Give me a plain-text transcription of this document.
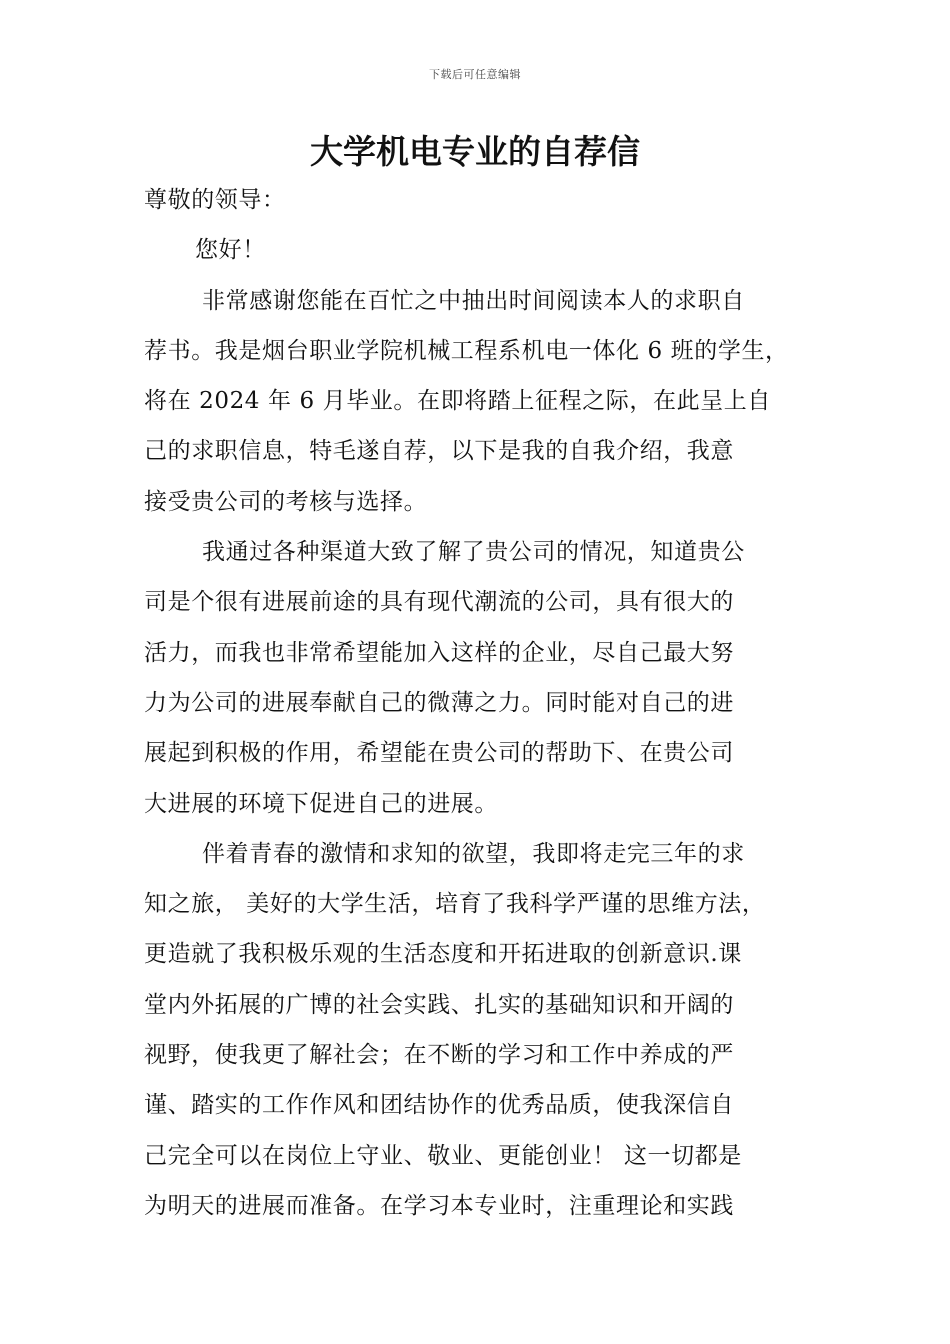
下载后可任意编辑
大学机电专业的自荐信
尊敬的领导：
您好！
非常感谢您能在百忙之中抽出时间阅读本人的求职自
荐书。我是烟台职业学院机械工程系机电一体化 6 班的学生，
将在 2024 年 6 月毕业。在即将踏上征程之际，在此呈上自
己的求职信息，特毛遂自荐，以下是我的自我介绍，我意
接受贵公司的考核与选择。
我通过各种渠道大致了解了贵公司的情况，知道贵公
司是个很有进展前途的具有现代潮流的公司，具有很大的
活力，而我也非常希望能加入这样的企业，尽自己最大努
力为公司的进展奉献自己的微薄之力。同时能对自己的进
展起到积极的作用，希望能在贵公司的帮助下、在贵公司
大进展的环境下促进自己的进展。
伴着青春的激情和求知的欲望，我即将走完三年的求
知之旅， 美好的大学生活，培育了我科学严谨的思维方法，
更造就了我积极乐观的生活态度和开拓进取的创新意识.课
堂内外拓展的广博的社会实践、扎实的基础知识和开阔的
视野，使我更了解社会；在不断的学习和工作中养成的严
谨、踏实的工作作风和团结协作的优秀品质，使我深信自
己完全可以在岗位上守业、敬业、更能创业！ 这一切都是
为明天的进展而准备。在学习本专业时，注重理论和实践
